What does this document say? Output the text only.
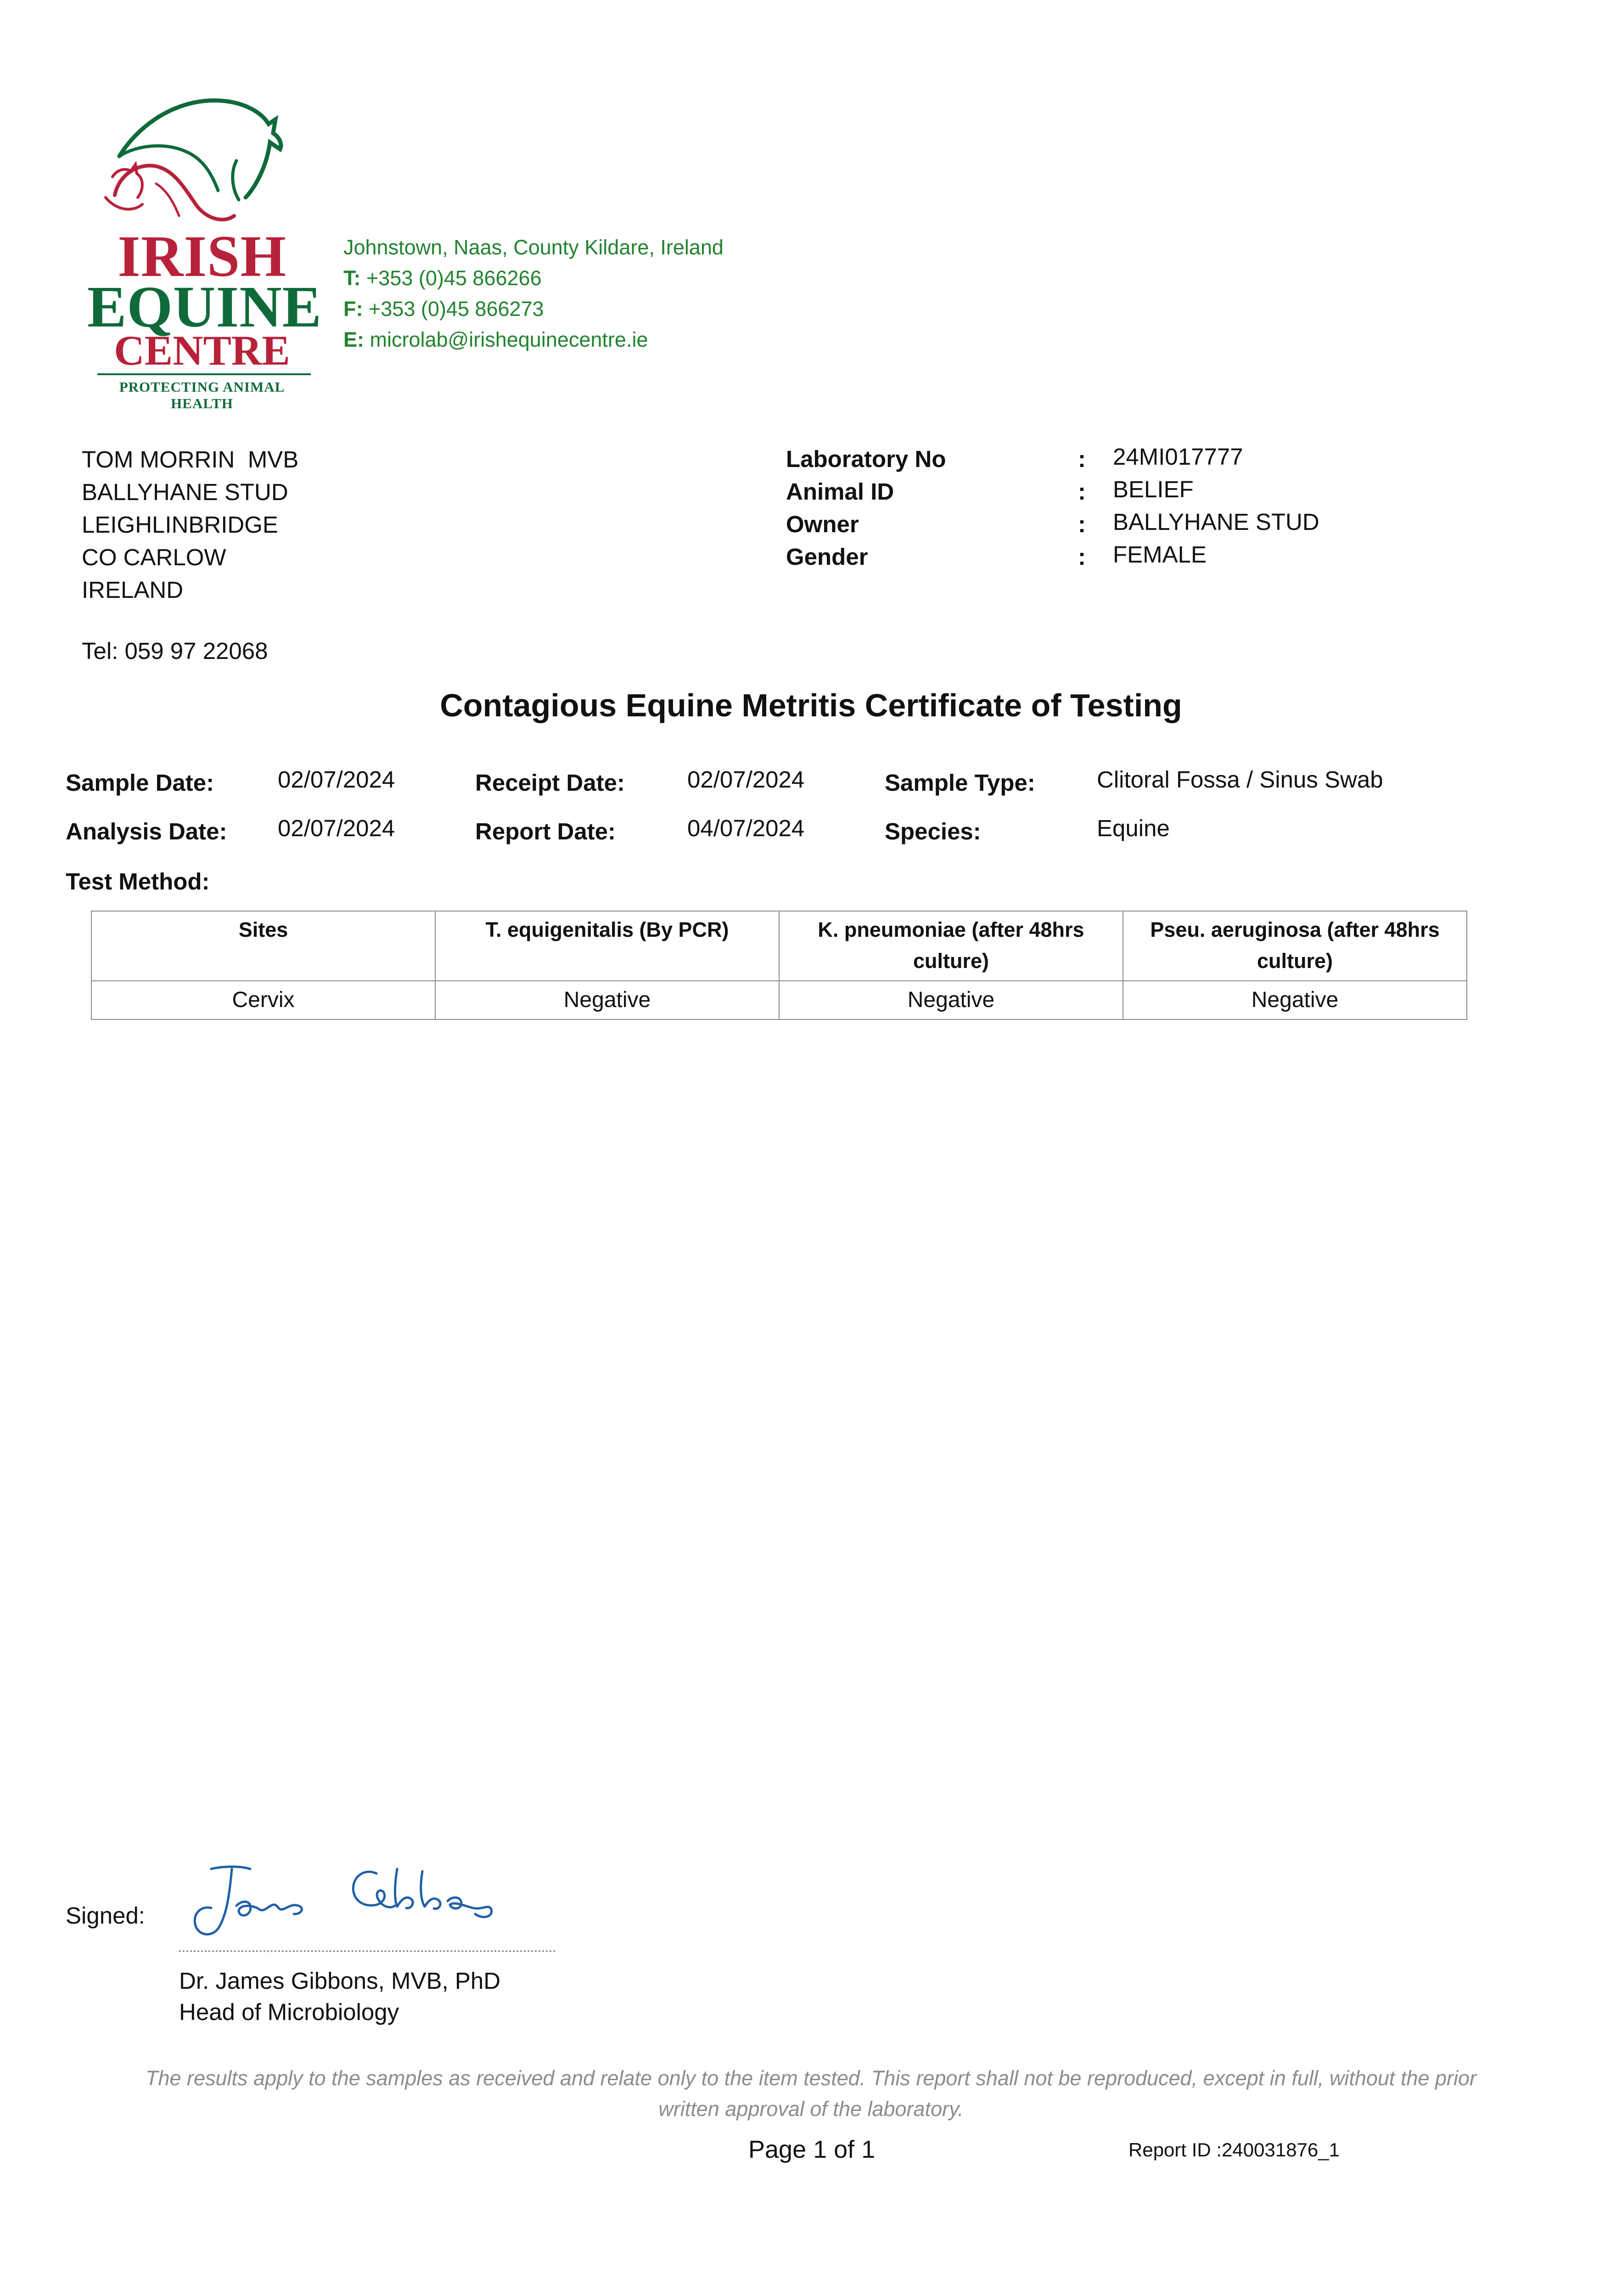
IRISH
EQUINE
CENTRE
PROTECTING ANIMAL HEALTH
Johnstown, Naas, County Kildare, Ireland
T: +353 (0)45 866266
F: +353 (0)45 866273
E: microlab@irishequinecentre.ie
TOM MORRIN  MVB
BALLYHANE STUD
LEIGHLINBRIDGE
CO CARLOW
IRELAND
Tel: 059 97 22068
Laboratory No	: 24MI017777
Animal ID	: BELIEF
Owner	: BALLYHANE STUD
Gender	: FEMALE
Contagious Equine Metritis Certificate of Testing
Sample Date:	02/07/2024	Receipt Date:	02/07/2024	Sample Type:	Clitoral Fossa / Sinus Swab
Analysis Date: 02/07/2024	Report Date:	04/07/2024	Species:	Equine
Test Method:
Sites	T. equigenitalis (By PCR)	K. pneumoniae (after 48hrs culture)	Pseu. aeruginosa (after 48hrs culture)
Cervix	Negative	Negative	Negative
Signed:
Dr. James Gibbons, MVB, PhD
Head of Microbiology
The results apply to the samples as received and relate only to the item tested. This report shall not be reproduced, except in full, without the prior written approval of the laboratory.
Page 1 of 1	Report ID :240031876_1
